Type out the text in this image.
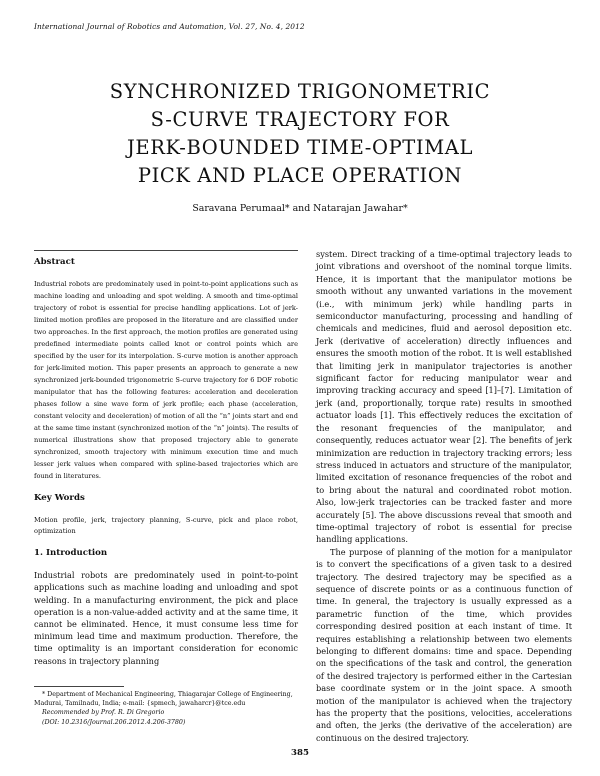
International Journal of Robotics and Automation, Vol. 27, No. 4, 2012
SYNCHRONIZED TRIGONOMETRIC
S-CURVE TRAJECTORY FOR
JERK-BOUNDED TIME-OPTIMAL
PICK AND PLACE OPERATION
Saravana Perumaal* and Natarajan Jawahar*
Abstract

Industrial robots are predominately used in point-to-point applications such as machine loading and unloading and spot welding. A smooth and time-optimal trajectory of robot is essential for precise handling applications. Lot of jerk-limited motion profiles are proposed in the literature and are classified under two approaches. In the first approach, the motion profiles are generated using predefined intermediate points called knot or control points which are specified by the user for its interpolation. S-curve motion is another approach for jerk-limited motion. This paper presents an approach to generate a new synchronized jerk-bounded trigonometric S-curve trajectory for 6 DOF robotic manipulator that has the following features: acceleration and deceleration phases follow a sine wave form of jerk profile; each phase (acceleration, constant velocity and deceleration) of motion of all the “n” joints start and end at the same time instant (synchronized motion of the “n” joints). The results of numerical illustrations show that proposed trajectory able to generate synchronized, smooth trajectory with minimum execution time and much lesser jerk values when compared with spline-based trajectories which are found in literatures.

Key Words

Motion profile, jerk, trajectory planning, S-curve, pick and place robot, optimization

1. Introduction

Industrial robots are predominately used in point-to-point applications such as machine loading and unloading and spot welding. In a manufacturing environment, the pick and place operation is a non-value-added activity and at the same time, it cannot be eliminated. Hence, it must consume less time for minimum lead time and maximum production. Therefore, the time optimality is an important consideration for economic reasons in trajectory planning

* Department of Mechanical Engineering, Thiagarajar College of Engineering, Madurai, Tamilnadu, India; e-mail: {spmech, jawaharcr}@tce.edu

Recommended by Prof. R. Di Gregorio

(DOI: 10.2316/Journal.206.2012.4.206-3780)

system. Direct tracking of a time-optimal trajectory leads to joint vibrations and overshoot of the nominal torque limits. Hence, it is important that the manipulator motions be smooth without any unwanted variations in the movement (i.e., with minimum jerk) while handling parts in semiconductor manufacturing, processing and handling of chemicals and medicines, fluid and aerosol deposition etc. Jerk (derivative of acceleration) directly influences and ensures the smooth motion of the robot. It is well established that limiting jerk in manipulator trajectories is another significant factor for reducing manipulator wear and improving tracking accuracy and speed [1]–[7]. Limitation of jerk (and, proportionally, torque rate) results in smoothed actuator loads [1]. This effectively reduces the excitation of the resonant frequencies of the manipulator, and consequently, reduces actuator wear [2]. The benefits of jerk minimization are reduction in trajectory tracking errors; less stress induced in actuators and structure of the manipulator, limited excitation of resonance frequencies of the robot and to bring about the natural and coordinated robot motion. Also, low-jerk trajectories can be tracked faster and more accurately [5]. The above discussions reveal that smooth and time-optimal trajectory of robot is essential for precise handling applications.

The purpose of planning of the motion for a manipulator is to convert the specifications of a given task to a desired trajectory. The desired trajectory may be specified as a sequence of discrete points or as a continuous function of time. In general, the trajectory is usually expressed as a parametric function of the time, which provides corresponding desired position at each instant of time. It requires establishing a relationship between two elements belonging to different domains: time and space. Depending on the specifications of the task and control, the generation of the desired trajectory is performed either in the Cartesian base coordinate system or in the joint space. A smooth motion of the manipulator is achieved when the trajectory has the property that the positions, velocities, accelerations and often, the jerks (the derivative of the acceleration) are continuous on the desired trajectory.

385
